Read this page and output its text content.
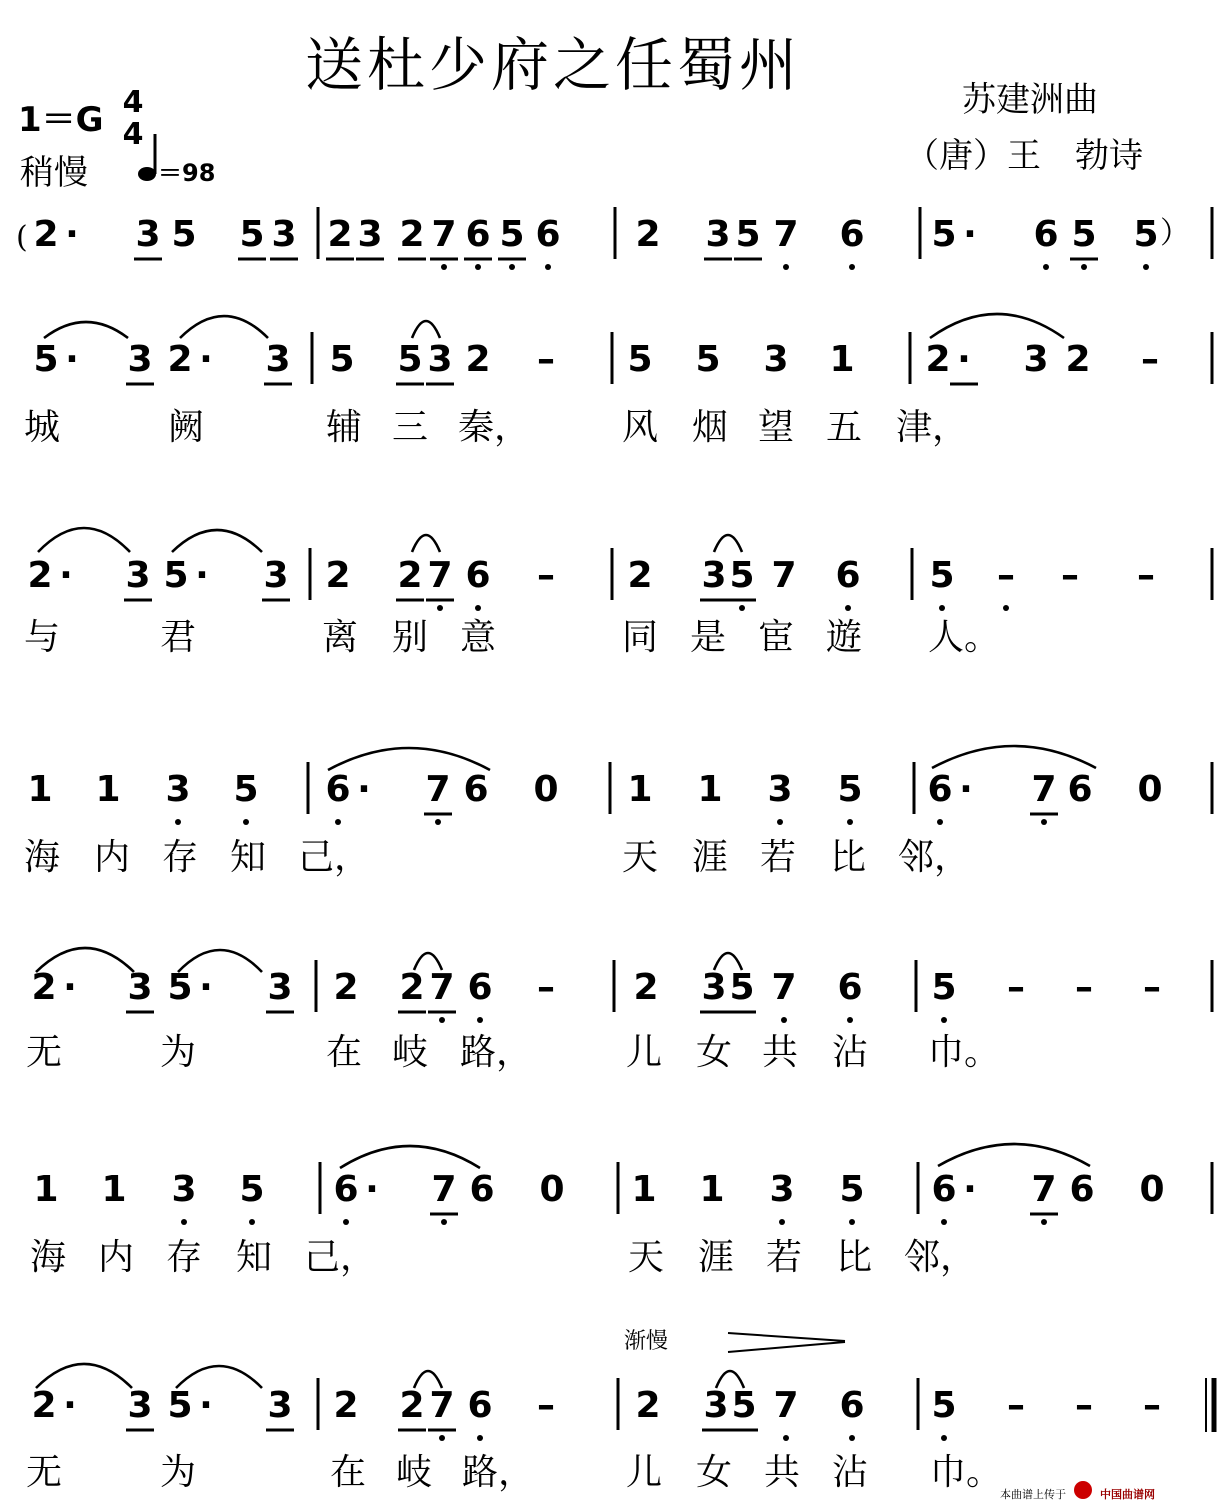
送杜少府之任蜀州
1＝G 4
4
稍慢	＝98
苏建洲曲
（唐）王　勃诗
渐慢
2 · 3 5 5 3 2 3 2 7 6 5 6 2 3 5 7 6 5 · 6 5 5
5 · 3 2 · 3 5 5 3 2 – 5 5 3 1 2 · 3 2 –
2 · 3 5 · 3 2 2 7 6 – 2 3 5 7 6 5 – – –
1 1 3 5 6 · 7 6 0 1 1 3 5 6 · 7 6 0
2 · 3 5 · 3 2 2 7 6 – 2 3 5 7 6 5 – – –
1 1 3 5 6 · 7 6 0 1 1 3 5 6 · 7 6 0
2 · 3 5 · 3 2 2 7 6 – 2 3 5 7 6 5 – – –
(	）
城	阙	辅 三 秦，	风 烟 望 五 津，
与	君	离 别 意	同 是 宦 遊 人。
海 内 存 知 己，	天 涯 若 比 邻，
无	为	在 岐 路，	儿 女 共 沾 巾。
海 内 存 知 己，	天 涯 若 比 邻，
无	为	在 岐 路，	儿 女 共 沾 巾。
本曲谱上传于	中国曲谱网
